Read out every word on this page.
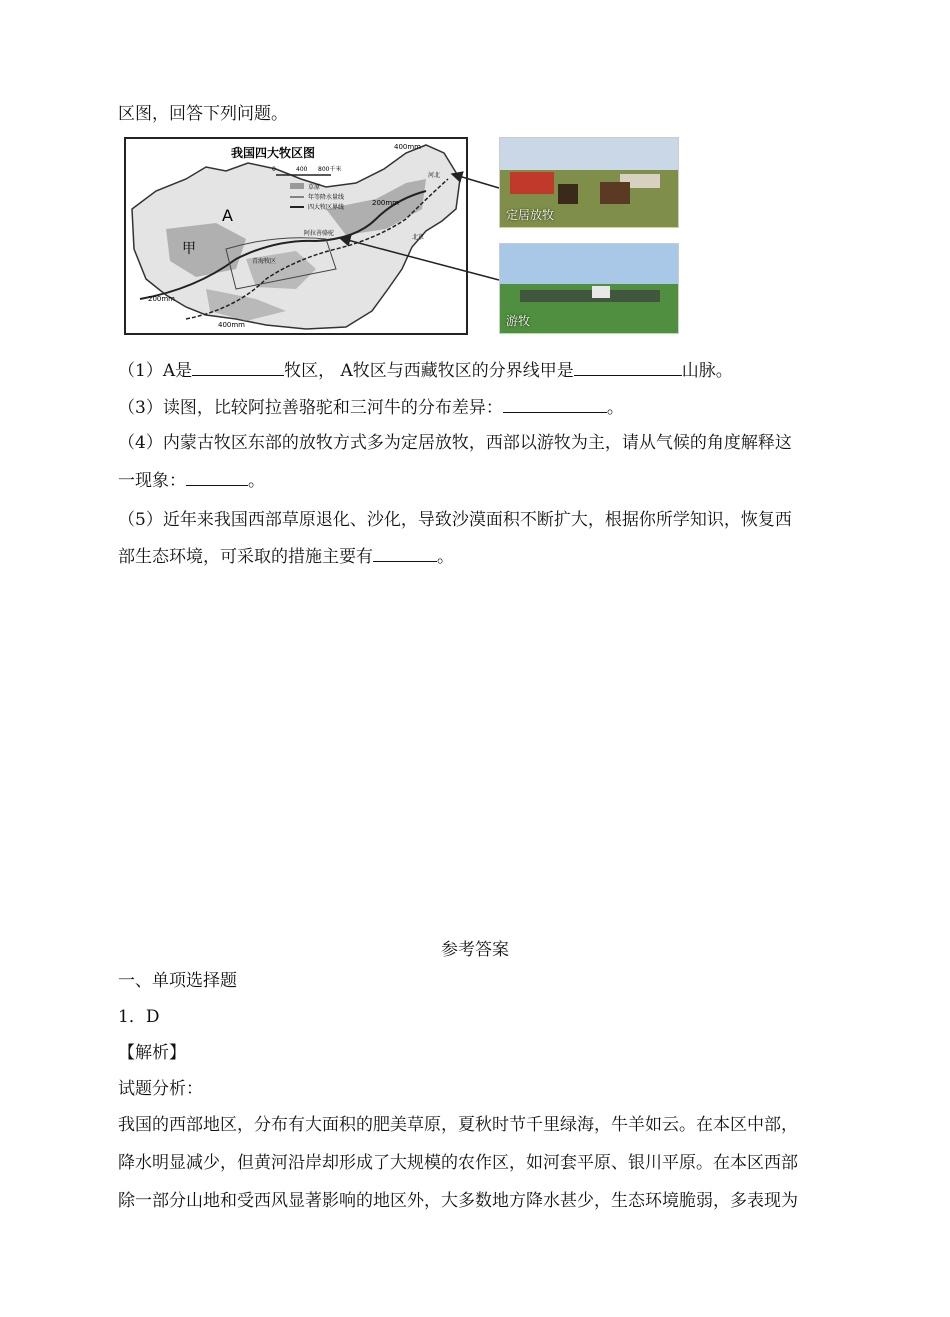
区图，回答下列问题。
我国四大牧区图
0	400 800千米
草原
年等降水量线
四大牧区界线
400mm
200mm
200mm
400mm
A
甲
阿拉善骆驼
青海牧区
北京
河北
定居放牧
游牧
（1）A是	牧区， A牧区与西藏牧区的分界线甲是	山脉。
（3）读图，比较阿拉善骆驼和三河牛的分布差异：	。
（4）内蒙古牧区东部的放牧方式多为定居放牧，西部以游牧为主，请从气候的角度解释这
一现象：	。
（5）近年来我国西部草原退化、沙化，导致沙漠面积不断扩大，根据你所学知识，恢复西
部生态环境，可采取的措施主要有	。
参考答案
一、单项选择题
1．D
【解析】
试题分析：
我国的西部地区，分布有大面积的肥美草原，夏秋时节千里绿海，牛羊如云。在本区中部，
降水明显减少，但黄河沿岸却形成了大规模的农作区，如河套平原、银川平原。在本区西部
除一部分山地和受西风显著影响的地区外，大多数地方降水甚少，生态环境脆弱，多表现为
